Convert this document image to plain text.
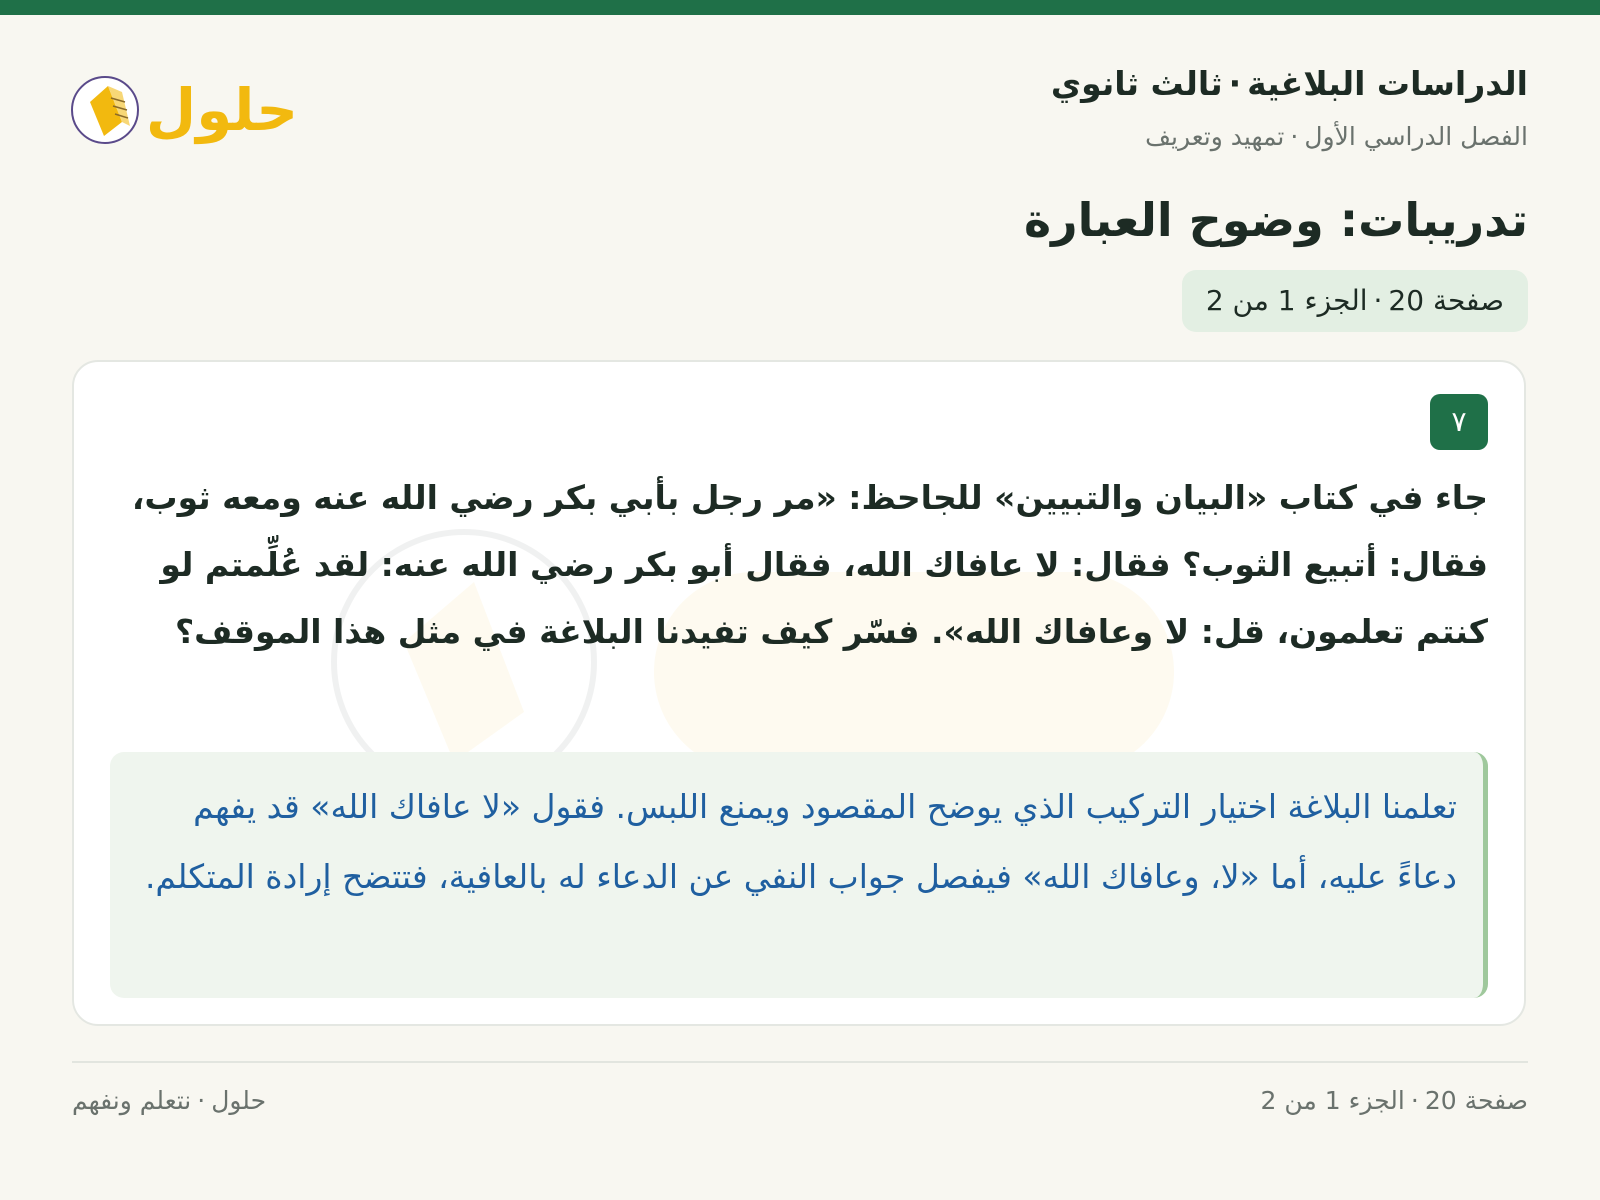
الدراسات البلاغية·ثالث ثانوي
الفصل الدراسي الأول·تمهيد وتعريف
تدريبات: وضوح العبارة
صفحة 20·الجزء 1 من 2
حلول
٧
جاء في كتاب «البيان والتبيين» للجاحظ: «مر رجل بأبي بكر رضي الله عنه ومعه ثوب، فقال: أتبيع الثوب؟ فقال: لا عافاك الله، فقال أبو بكر رضي الله عنه: لقد عُلِّمتم لو كنتم تعلمون، قل: لا وعافاك الله». فسّر كيف تفيدنا البلاغة في مثل هذا الموقف؟
تعلمنا البلاغة اختيار التركيب الذي يوضح المقصود ويمنع اللبس. فقول «لا عافاك الله» قد يفهم دعاءً عليه، أما «لا، وعافاك الله» فيفصل جواب النفي عن الدعاء له بالعافية، فتتضح إرادة المتكلم.
صفحة 20·الجزء 1 من 2
حلول·نتعلم ونفهم
